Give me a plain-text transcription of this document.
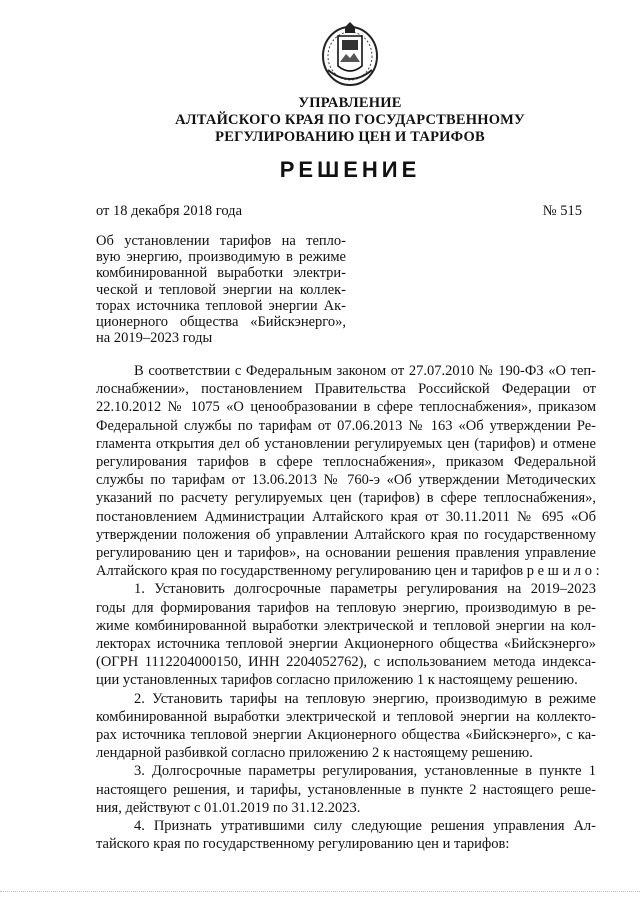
УПРАВЛЕНИЕ
АЛТАЙСКОГО КРАЯ ПО ГОСУДАРСТВЕННОМУ
РЕГУЛИРОВАНИЮ ЦЕН И ТАРИФОВ
РЕШЕНИЕ
от 18 декабря 2018 года	№ 515
Об установлении тарифов на тепло-
вую энергию, производимую в режиме
комбинированной выработки электри-
ческой и тепловой энергии на коллек-
торах источника тепловой энергии Ак-
ционерного общества «Бийскэнерго»,
на 2019–2023 годы
В соответствии с Федеральным законом от 27.07.2010 № 190-ФЗ «О теп-
лоснабжении», постановлением Правительства Российской Федерации от
22.10.2012 № 1075 «О ценообразовании в сфере теплоснабжения», приказом
Федеральной службы по тарифам от 07.06.2013 № 163 «Об утверждении Ре-
гламента открытия дел об установлении регулируемых цен (тарифов) и отмене
регулирования тарифов в сфере теплоснабжения», приказом Федеральной
службы по тарифам от 13.06.2013 № 760-э «Об утверждении Методических
указаний по расчету регулируемых цен (тарифов) в сфере теплоснабжения»,
постановлением Администрации Алтайского края от 30.11.2011 № 695 «Об
утверждении положения об управлении Алтайского края по государственному
регулированию цен и тарифов», на основании решения правления управление
Алтайского края по государственному регулированию цен и тарифов р е ш и л о :
1. Установить долгосрочные параметры регулирования на 2019–2023
годы для формирования тарифов на тепловую энергию, производимую в ре-
жиме комбинированной выработки электрической и тепловой энергии на кол-
лекторах источника тепловой энергии Акционерного общества «Бийскэнерго»
(ОГРН 1112204000150, ИНН 2204052762), с использованием метода индекса-
ции установленных тарифов согласно приложению 1 к настоящему решению.
2. Установить тарифы на тепловую энергию, производимую в режиме
комбинированной выработки электрической и тепловой энергии на коллекто-
рах источника тепловой энергии Акционерного общества «Бийскэнерго», с ка-
лендарной разбивкой согласно приложению 2 к настоящему решению.
3. Долгосрочные параметры регулирования, установленные в пункте 1
настоящего решения, и тарифы, установленные в пункте 2 настоящего реше-
ния, действуют с 01.01.2019 по 31.12.2023.
4. Признать утратившими силу следующие решения управления Ал-
тайского края по государственному регулированию цен и тарифов:
